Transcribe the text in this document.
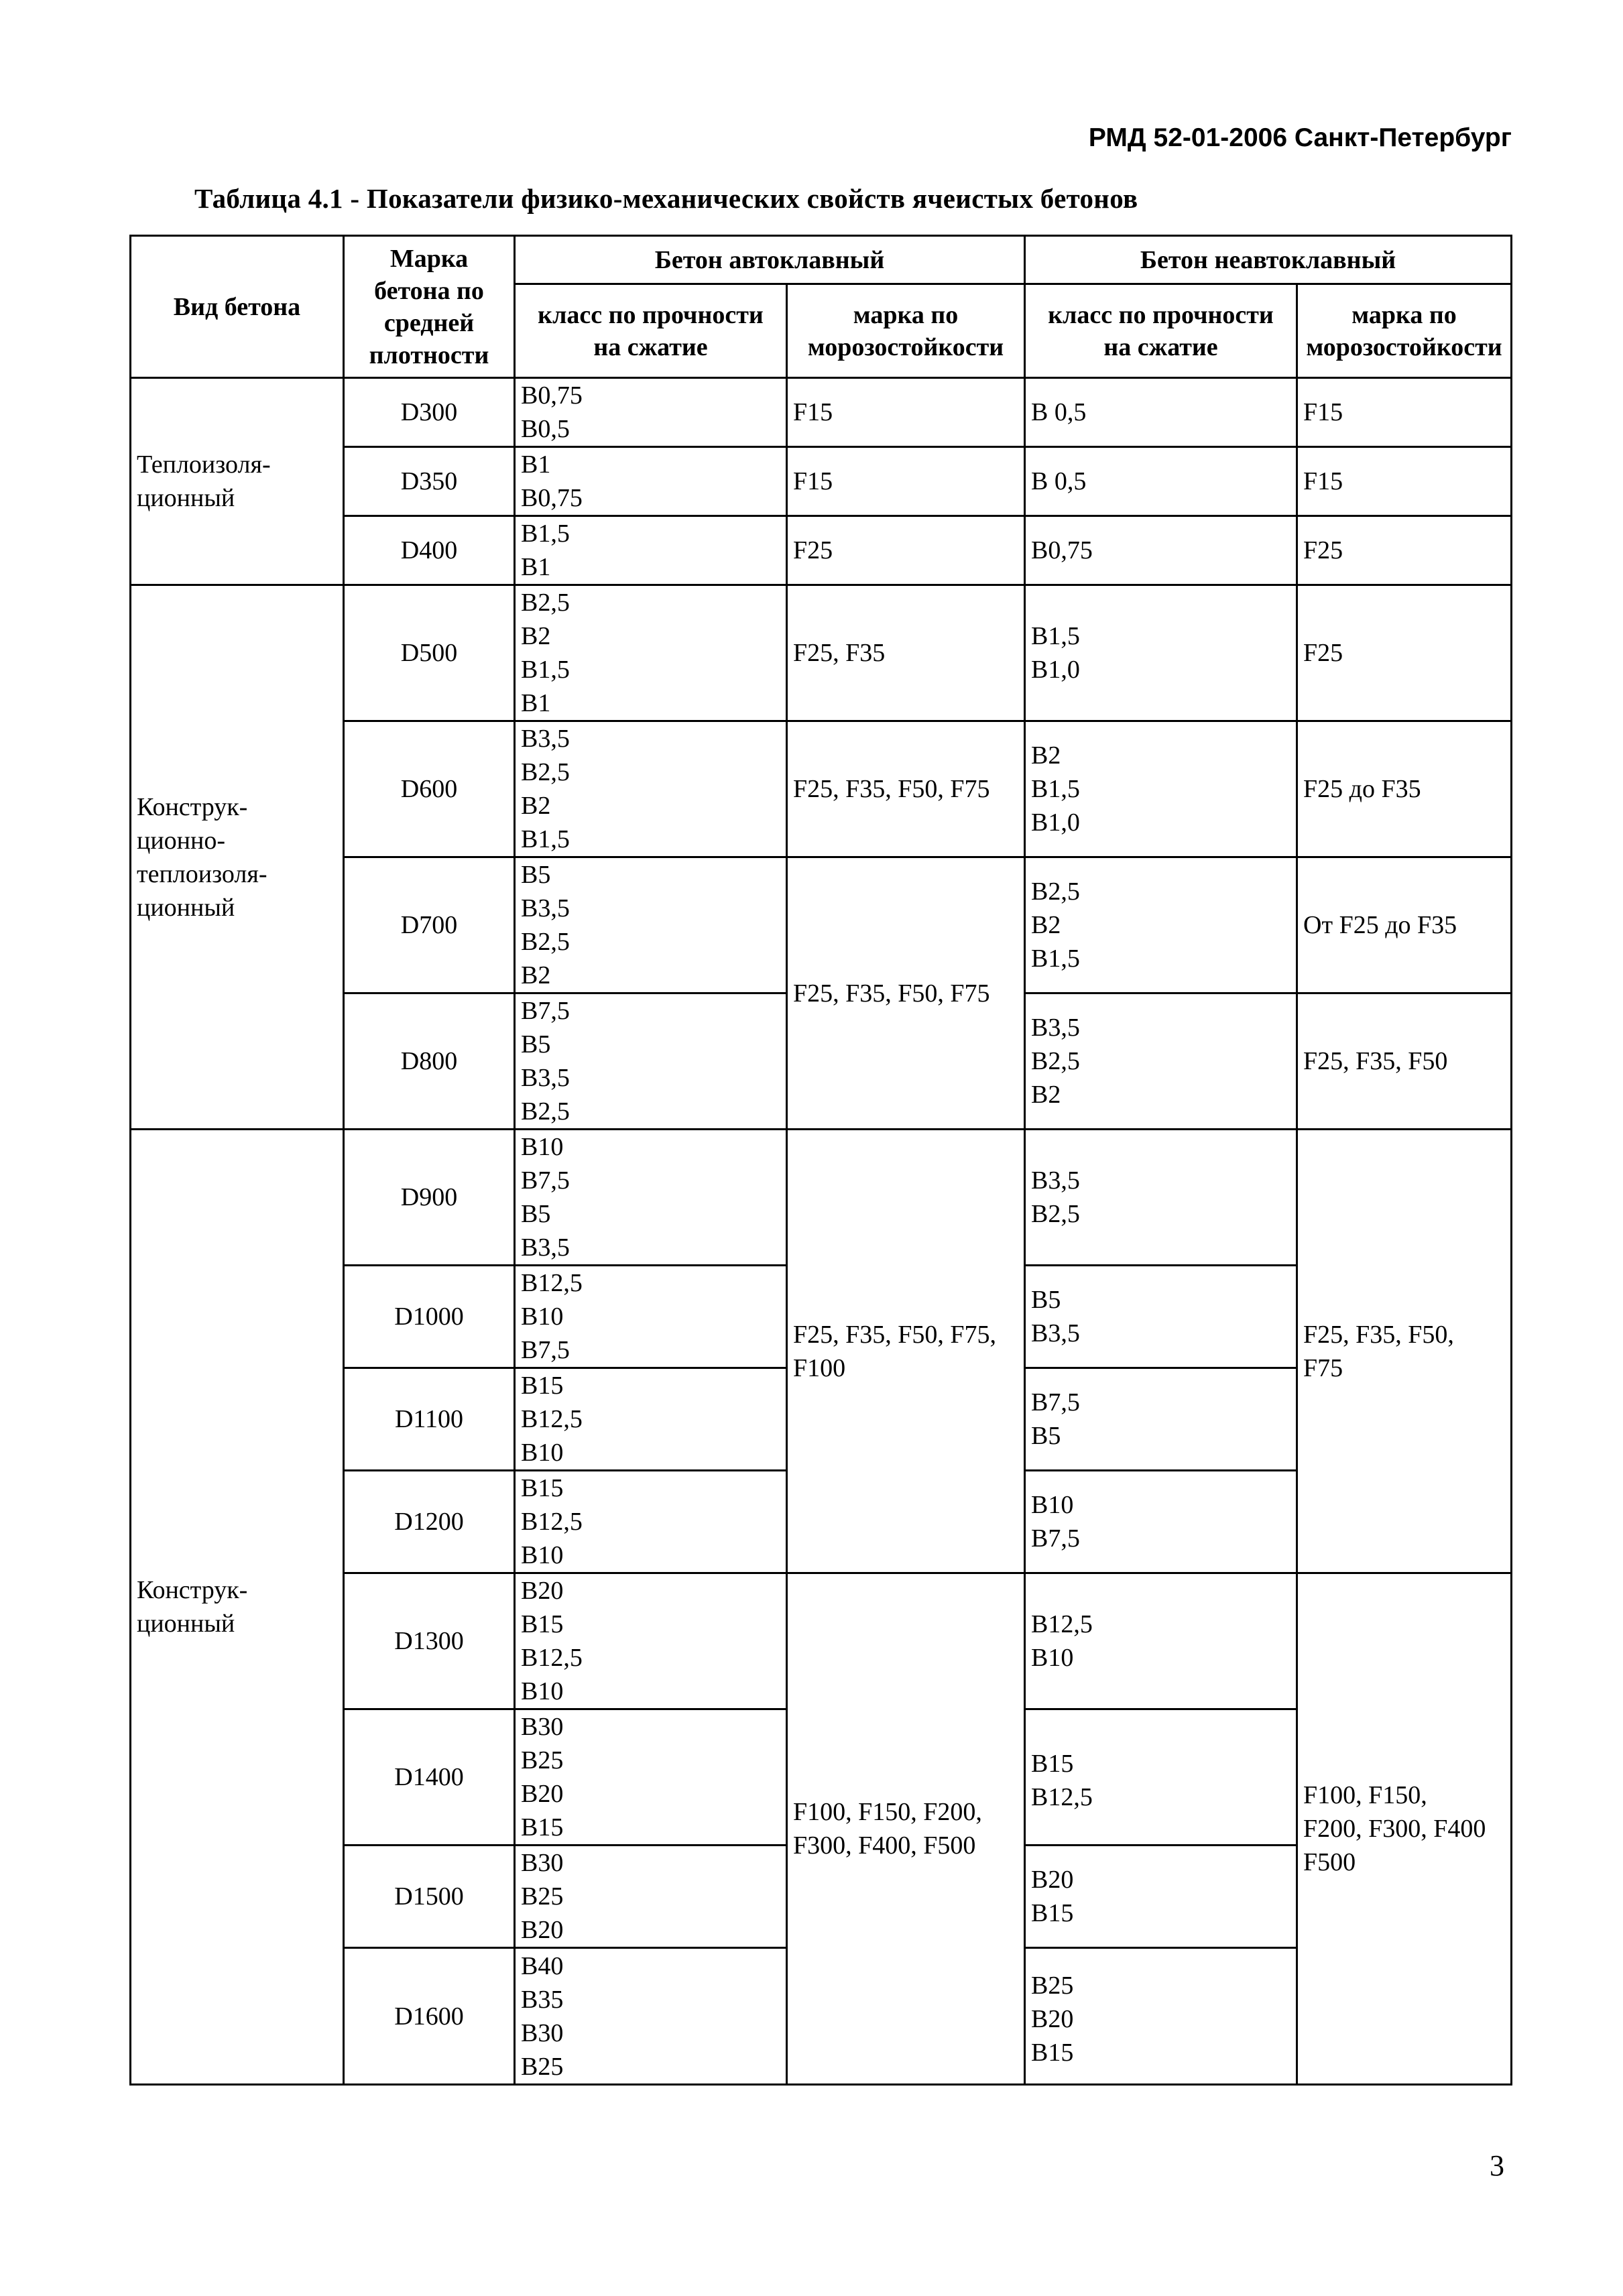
РМД 52-01-2006 Санкт-Петербург
Таблица 4.1 - Показатели физико-механических свойств ячеистых бетонов
Вид бетона	Марка
бетона по
средней
плотности	Бетон автоклавный		Бетон неавтоклавный	

		класс по прочности
на сжатие	марка по
морозостойкости	класс по прочности
на сжатие	марка по
морозостойкости

Теплоизоля-
ционный	D300	В0,75
В0,5	F15	В 0,5	F15

	D350	В1
В0,75	F15	В 0,5	F15

	D400	В1,5
В1	F25	В0,75	F25

Конструк-
ционно-
теплоизоля-
ционный	D500	В2,5
В2
В1,5
В1	F25, F35	В1,5
В1,0	F25

	D600	В3,5
В2,5
В2
В1,5	F25, F35, F50, F75	В2
В1,5
В1,0	F25 до F35

	D700	В5
В3,5
В2,5
В2	F25, F35, F50, F75	В2,5
В2
В1,5	От F25 до F35

	D800	В7,5
В5
В3,5
В2,5		В3,5
В2,5
В2	F25, F35, F50

Конструк-
ционный	D900	В10
В7,5
В5
В3,5	F25, F35, F50, F75,
F100	В3,5
В2,5	F25, F35, F50,
F75

	D1000	В12,5
В10
В7,5		В5
В3,5	

	D1100	В15
В12,5
В10		В7,5
В5	

	D1200	В15
В12,5
В10		В10
В7,5	

	D1300	В20
В15
В12,5
В10	F100, F150, F200,
F300, F400, F500	В12,5
В10	F100, F150,
F200, F300, F400
F500

	D1400	В30
В25
В20
В15		В15
В12,5	

	D1500	В30
В25
В20		В20
В15	

	D1600	В40
В35
В30
В25		В25
В20
В15	
3
